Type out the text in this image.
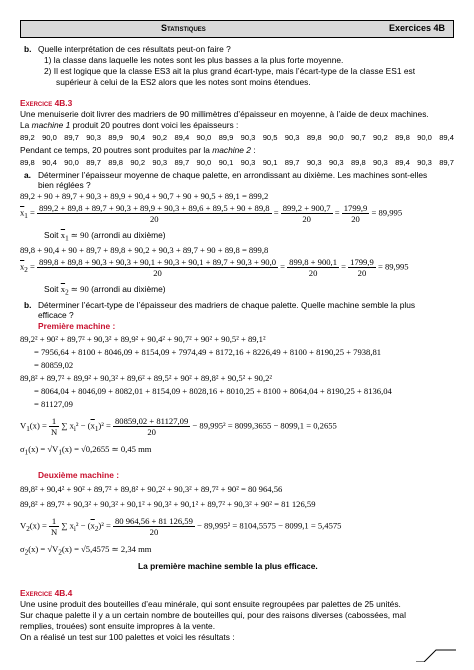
Statistiques	Exercices 4B
b. Quelle interprétation de ces résultats peut-on faire ?
1) la classe dans laquelle les notes sont les plus basses a la plus forte moyenne.
2) Il est logique que la classe ES3 ait la plus grand écart-type, mais l’écart-type de la classe ES1 est
supérieur à celui de la ES2 alors que les notes sont moins étendues.
Exercice 4B.3
Une menuiserie doit livrer des madriers de 90 millimètres d’épaisseur en moyenne, à l’aide de deux machines.
La machine 1 produit 20 poutres dont voici les épaisseurs :
89,2 90,0 89,7 90,3 89,9 90,4 90,2 89,4 90,0 89,9 90,3 90,5 90,3 89,8 90,0 90,7 90,2 89,8 90,0 89,4
Pendant ce temps, 20 poutres sont produites par la machine 2 :
89,8 90,4 90,0 89,7 89,8 90,2 90,3 89,7 90,0 90,1 90,3 90,1 89,7 90,3 90,3 89,8 90,3 89,4 90,3 89,7
a. Déterminer l’épaisseur moyenne de chaque palette, en arrondissant au dixième. Les machines sont-elles
bien réglées ?
89,2 + 90 + 89,7 + 90,3 + 89,9 + 90,4 + 90,7 + 90 + 90,5 + 89,1 = 899,2
$\overline{x}_1 = 899,2 + 89,8 + 89,7 + 90,3 + 89,9 + 90,3 + 89,6 + 89,5 + 90 + 89,8$
20
= $\frac{899,2 + 900,7}{20} = \frac{1799,9}{20} = 89,995$
Soit $\overline{x}_1$ ≃ 90 (arrondi au dixième)
89,8 + 90,4 + 90 + 89,7 + 89,8 + 90,2 + 90,3 + 89,7 + 90 + 89,8 = 899,8
$\overline{x}_2 = 899,8 + 89,8 + 90,3 + 90,3 + 90,1 + 90,3 + 90,1 + 89,7 + 90,3 + 90,0$
20
= $\frac{899,8 + 900,1}{20} = \frac{1799,9}{20} = 89,995$
Soit $\overline{x}_2$ ≃ 90 (arrondi au dixième)
b. Déterminer l’écart-type de l’épaisseur des madriers de chaque palette. Quelle machine semble la plus
efficace ?
Première machine :
89,2² + 90² + 89,7² + 90,3² + 89,9² + 90,4² + 90,7² + 90² + 90,5² + 89,1²
= 7956,64 + 8100 + 8046,09 + 8154,09 + 7974,49 + 8172,16 + 8226,49 + 8100 + 8190,25 + 7938,81
= 80859,02
89,8² + 89,7² + 89,9² + 90,3² + 89,6² + 89,5² + 90² + 89,8² + 90,5² + 90,2²
= 8064,04 + 8046,09 + 8082,01 + 8154,09 + 8028,16 + 8010,25 + 8100 + 8064,04 + 8190,25 + 8136,04
= 81127,09
$V_1(x) = \frac{1}{N}$ ∑ $x_i^2 - (\overline{x}_1)^2 = \frac{80859,02 + 81127,09}{20} - 89,995^2 = 8099,3655 - 8099,1 = 0,2655$
$\sigma_1(x) = √V_1(x) = √0,2655$ ≃ 0,45 mm
Deuxième machine :
89,8² + 90,4² + 90² + 89,7² + 89,8² + 90,2² + 90,3² + 89,7² + 90² = 80 964,56
89,8² + 89,7² + 90,3² + 90,3² + 90,1² + 90,3² + 90,1² + 89,7² + 90,3² + 90² = 81 126,59
$V_2(x) = \frac{1}{N}$ ∑ $x_i^2 - (\overline{x}_2)^2 = \frac{80 964,56 + 81 126,59}{20} - 89,995^2 = 8104,5575 - 8099,1 = 5,4575$
$\sigma_2(x) = √V_2(x) = √5,4575$ ≃ 2,34 mm
La première machine semble la plus efficace.
Exercice 4B.4
Une usine produit des bouteilles d’eau minérale, qui sont ensuite regroupées par palettes de 25 unités.
Sur chaque palette il y a un certain nombre de bouteilles qui, pour des raisons diverses (cabossées, mal
remplies, trouées) sont ensuite impropres à la vente.
On a réalisé un test sur 100 palettes et voici les résultats :
